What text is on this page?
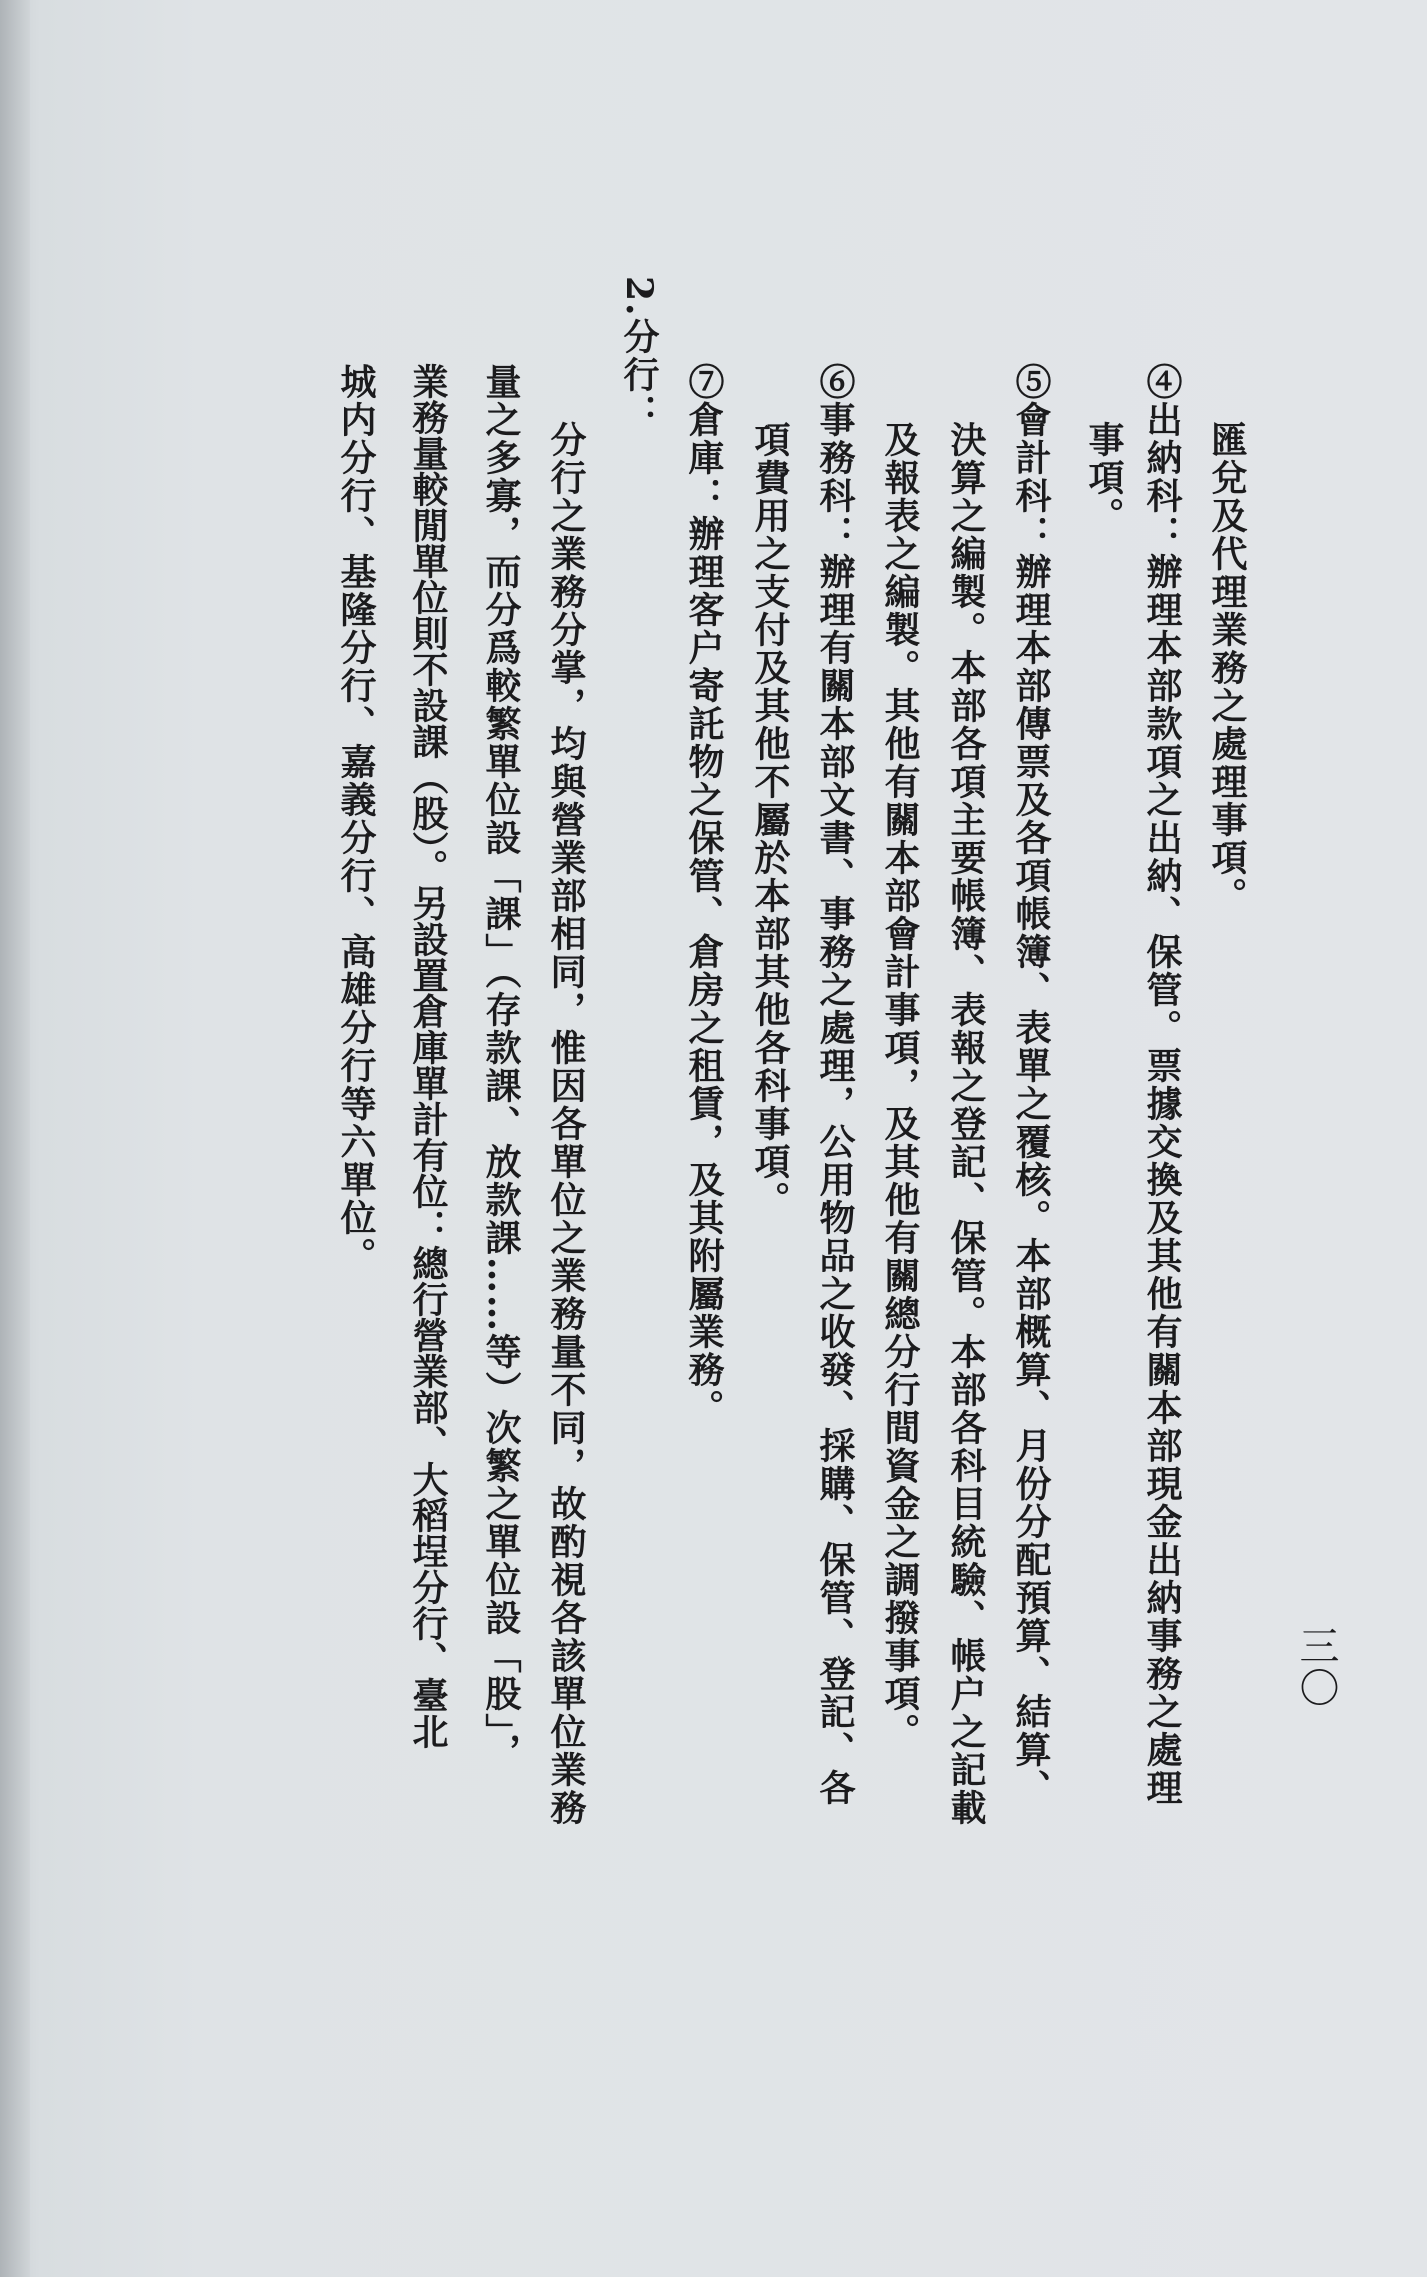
三〇
匯兌及代理業務之處理事項。
④出納科：辦理本部款項之出納、保管。票據交換及其他有關本部現金出納事務之處理
事項。
⑤會計科：辦理本部傳票及各項帳簿、表單之覆核。本部概算、月份分配預算、結算、
決算之編製。本部各項主要帳簿、表報之登記、保管。本部各科目統驗、帳户之記載
及報表之編製。其他有關本部會計事項，及其他有關總分行間資金之調撥事項。
⑥事務科：辦理有關本部文書、事務之處理，公用物品之收發、採購、保管、登記、各
項費用之支付及其他不屬於本部其他各科事項。
⑦倉庫：辦理客户寄託物之保管、倉房之租賃，及其附屬業務。
2.分行：
分行之業務分掌，均與營業部相同，惟因各單位之業務量不同，故酌視各該單位業務
量之多寡，而分爲較繁單位設「課」（存款課、放款課……等）次繁之單位設「股」，
業務量較閒單位則不設課（股）。另設置倉庫單計有位：總行營業部、大稻埕分行、臺北
城内分行、基隆分行、嘉義分行、高雄分行等六單位。
